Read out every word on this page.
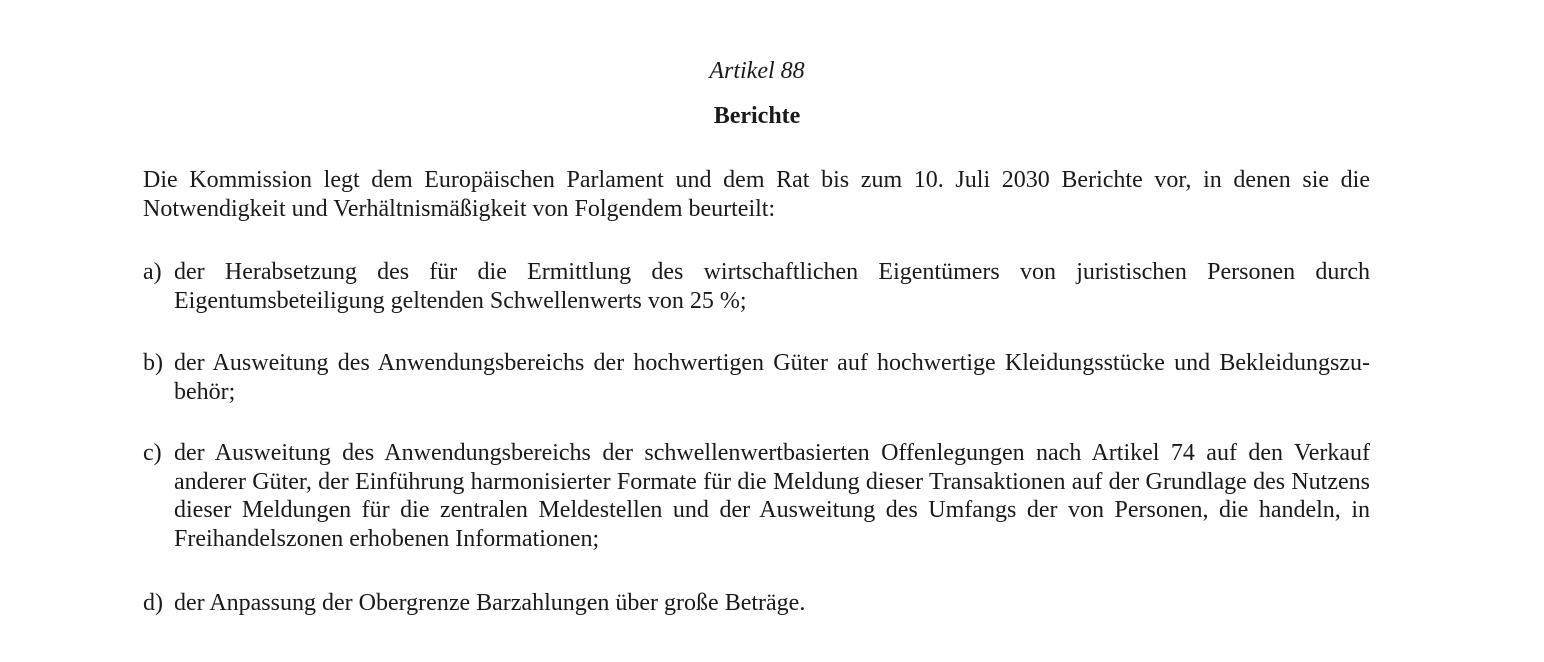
Artikel 88
Berichte
Die Kommission legt dem Europäischen Parlament und dem Rat bis zum 10. Juli 2030 Berichte vor, in denen sie die Notwendigkeit und Verhältnismäßigkeit von Folgendem beurteilt:
a) der Herabsetzung des für die Ermittlung des wirtschaftlichen Eigentümers von juristischen Personen durch Eigentumsbeteiligung geltenden Schwellenwerts von 25 %;
b) der Ausweitung des Anwendungsbereichs der hochwertigen Güter auf hochwertige Kleidungsstücke und Bekleidungszubehör;
c) der Ausweitung des Anwendungsbereichs der schwellenwertbasierten Offenlegungen nach Artikel 74 auf den Verkauf anderer Güter, der Einführung harmonisierter Formate für die Meldung dieser Transaktionen auf der Grundlage des Nutzens dieser Meldungen für die zentralen Meldestellen und der Ausweitung des Umfangs der von Personen, die handeln, in Freihandelszonen erhobenen Informationen;
d) der Anpassung der Obergrenze Barzahlungen über große Beträge.
